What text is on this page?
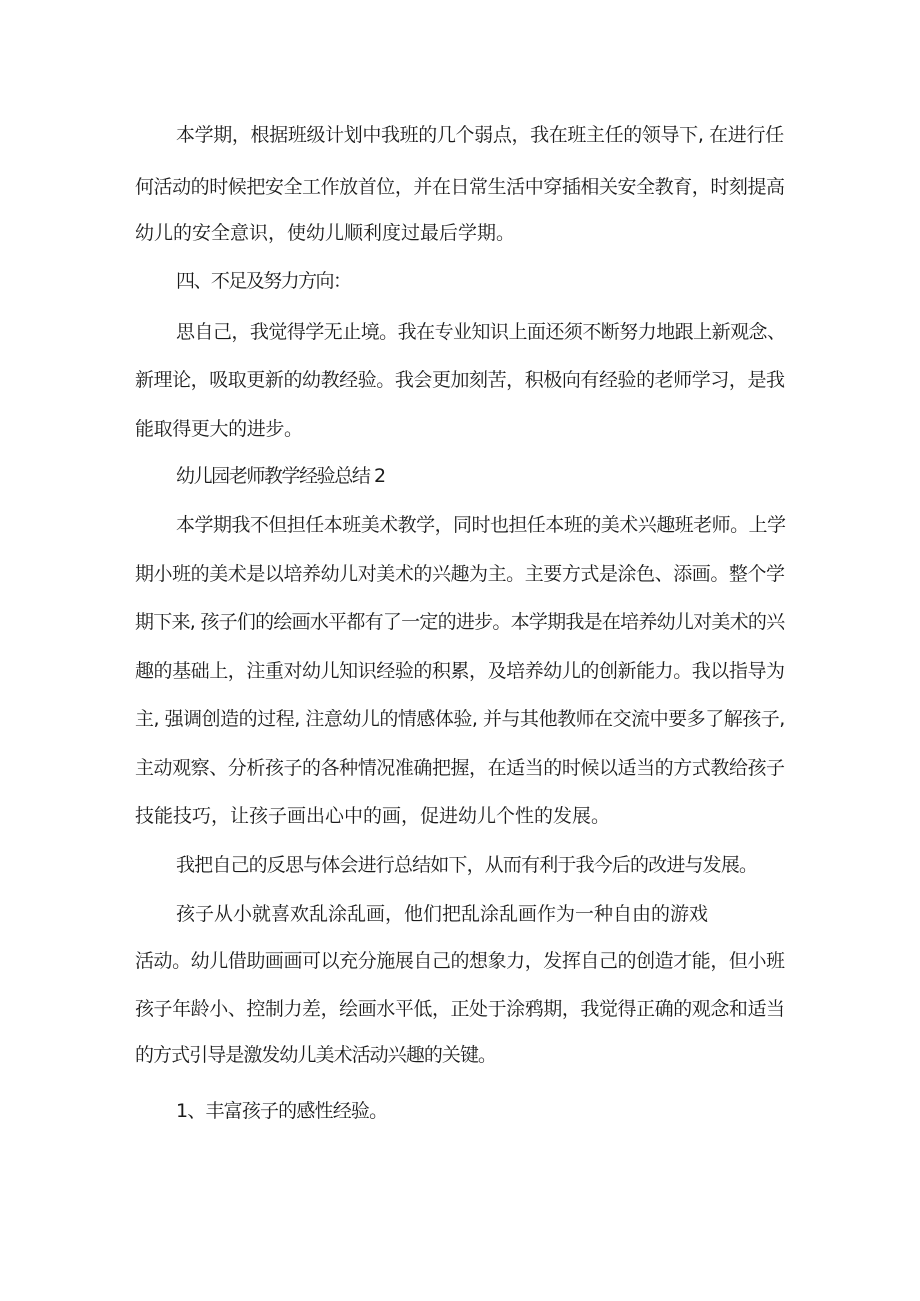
本学期，根据班级计划中我班的几个弱点，我在班主任的领导下, 在进行任
何活动的时候把安全工作放首位，并在日常生活中穿插相关安全教育，时刻提高
幼儿的安全意识，使幼儿顺利度过最后学期。
四、不足及努力方向：
思自己，我觉得学无止境。我在专业知识上面还须不断努力地跟上新观念、
新理论，吸取更新的幼教经验。我会更加刻苦，积极向有经验的老师学习，是我
能取得更大的进步。
幼儿园老师教学经验总结 2
本学期我不但担任本班美术教学，同时也担任本班的美术兴趣班老师。上学
期小班的美术是以培养幼儿对美术的兴趣为主。主要方式是涂色、添画。整个学
期下来, 孩子们的绘画水平都有了一定的进步。本学期我是在培养幼儿对美术的兴
趣的基础上，注重对幼儿知识经验的积累，及培养幼儿的创新能力。我以指导为
主, 强调创造的过程, 注意幼儿的情感体验, 并与其他教师在交流中要多了解孩子,
主动观察、分析孩子的各种情况准确把握，在适当的时候以适当的方式教给孩子
技能技巧，让孩子画出心中的画，促进幼儿个性的发展。
我把自己的反思与体会进行总结如下，从而有利于我今后的改进与发展。
孩子从小就喜欢乱涂乱画，他们把乱涂乱画作为一种自由的游戏
活动。幼儿借助画画可以充分施展自己的想象力，发挥自己的创造才能，但小班
孩子年龄小、控制力差，绘画水平低，正处于涂鸦期，我觉得正确的观念和适当
的方式引导是激发幼儿美术活动兴趣的关键。
1、丰富孩子的感性经验。
